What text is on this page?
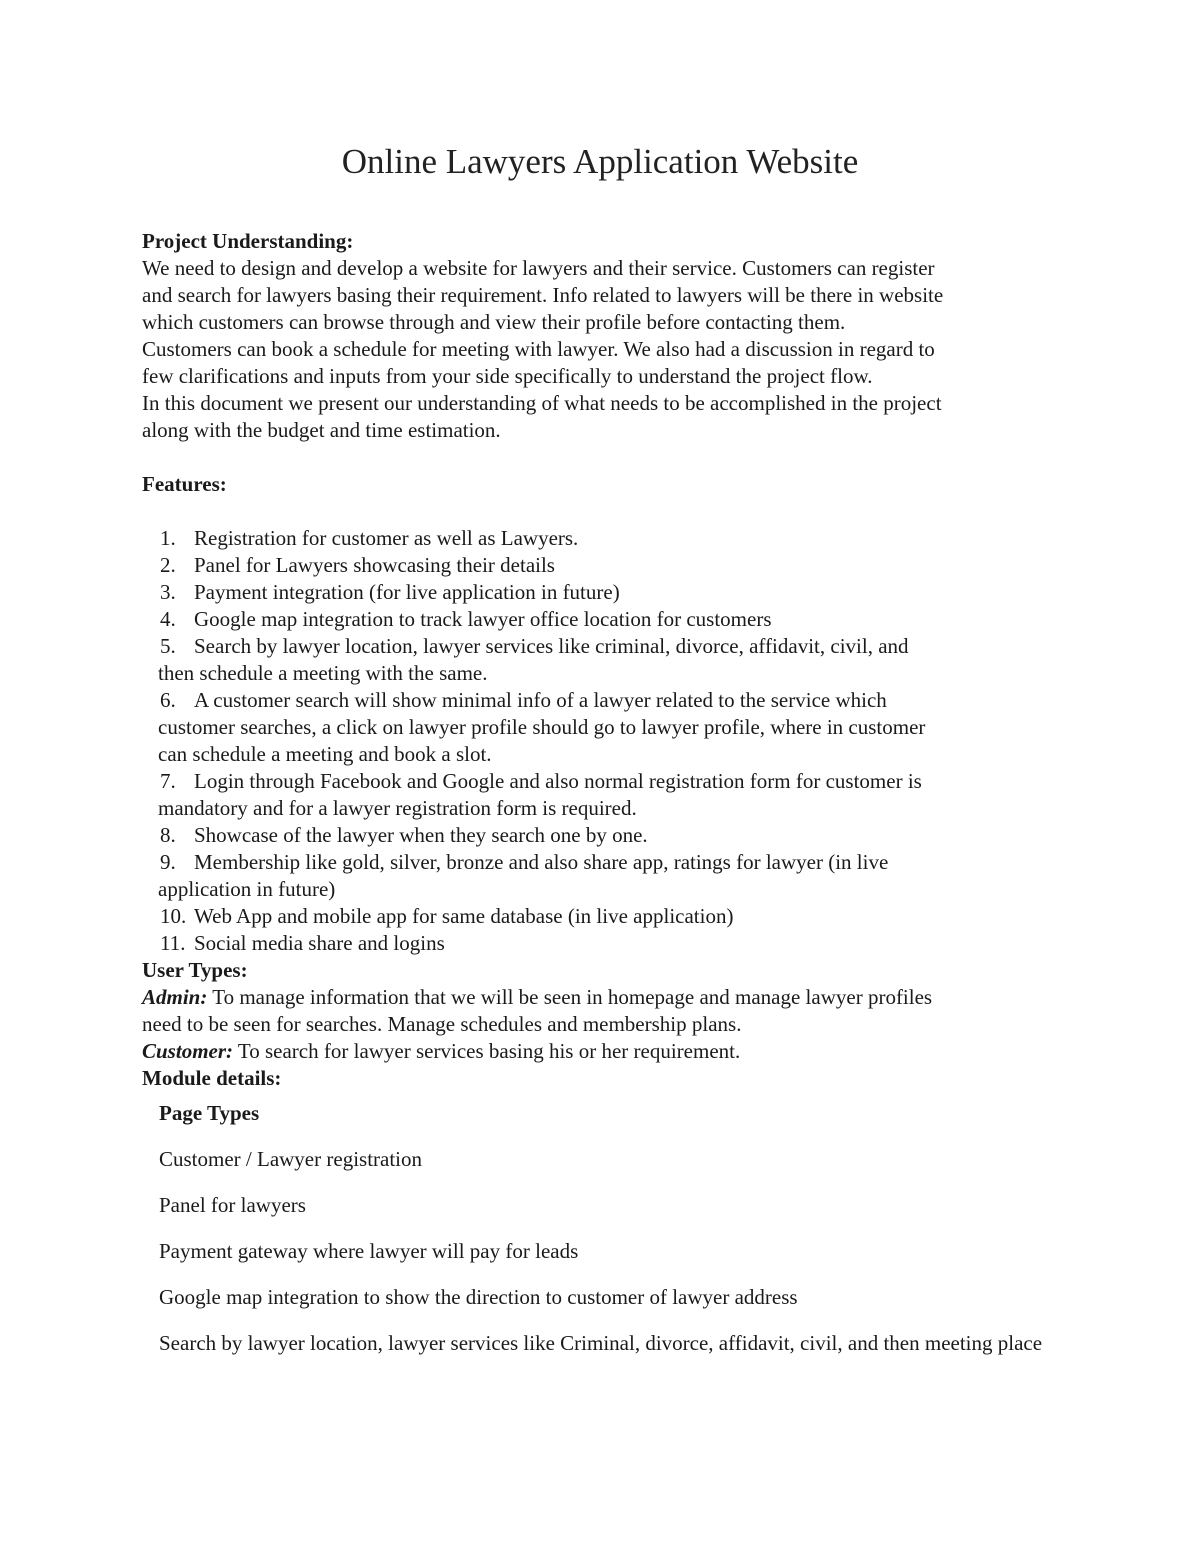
Online Lawyers Application Website
Project Understanding:
We need to design and develop a website for lawyers and their service. Customers can register
and search for lawyers basing their requirement. Info related to lawyers will be there in website
which customers can browse through and view their profile before contacting them.
Customers can book a schedule for meeting with lawyer. We also had a discussion in regard to
few clarifications and inputs from your side specifically to understand the project flow.
In this document we present our understanding of what needs to be accomplished in the project
along with the budget and time estimation.
Features:
1. Registration for customer as well as Lawyers.
2. Panel for Lawyers showcasing their details
3. Payment integration (for live application in future)
4. Google map integration to track lawyer office location for customers
5. Search by lawyer location, lawyer services like criminal, divorce, affidavit, civil, and
then schedule a meeting with the same.
6. A customer search will show minimal info of a lawyer related to the service which
customer searches, a click on lawyer profile should go to lawyer profile, where in customer
can schedule a meeting and book a slot.
7. Login through Facebook and Google and also normal registration form for customer is
mandatory and for a lawyer registration form is required.
8. Showcase of the lawyer when they search one by one.
9. Membership like gold, silver, bronze and also share app, ratings for lawyer (in live
application in future)
10. Web App and mobile app for same database (in live application)
11. Social media share and logins
User Types:
Admin: To manage information that we will be seen in homepage and manage lawyer profiles
need to be seen for searches. Manage schedules and membership plans.
Customer: To search for lawyer services basing his or her requirement.
Module details:
Page Types
Customer / Lawyer registration
Panel for lawyers
Payment gateway where lawyer will pay for leads
Google map integration to show the direction to customer of lawyer address
Search by lawyer location, lawyer services like Criminal, divorce, affidavit, civil, and then meeting place
